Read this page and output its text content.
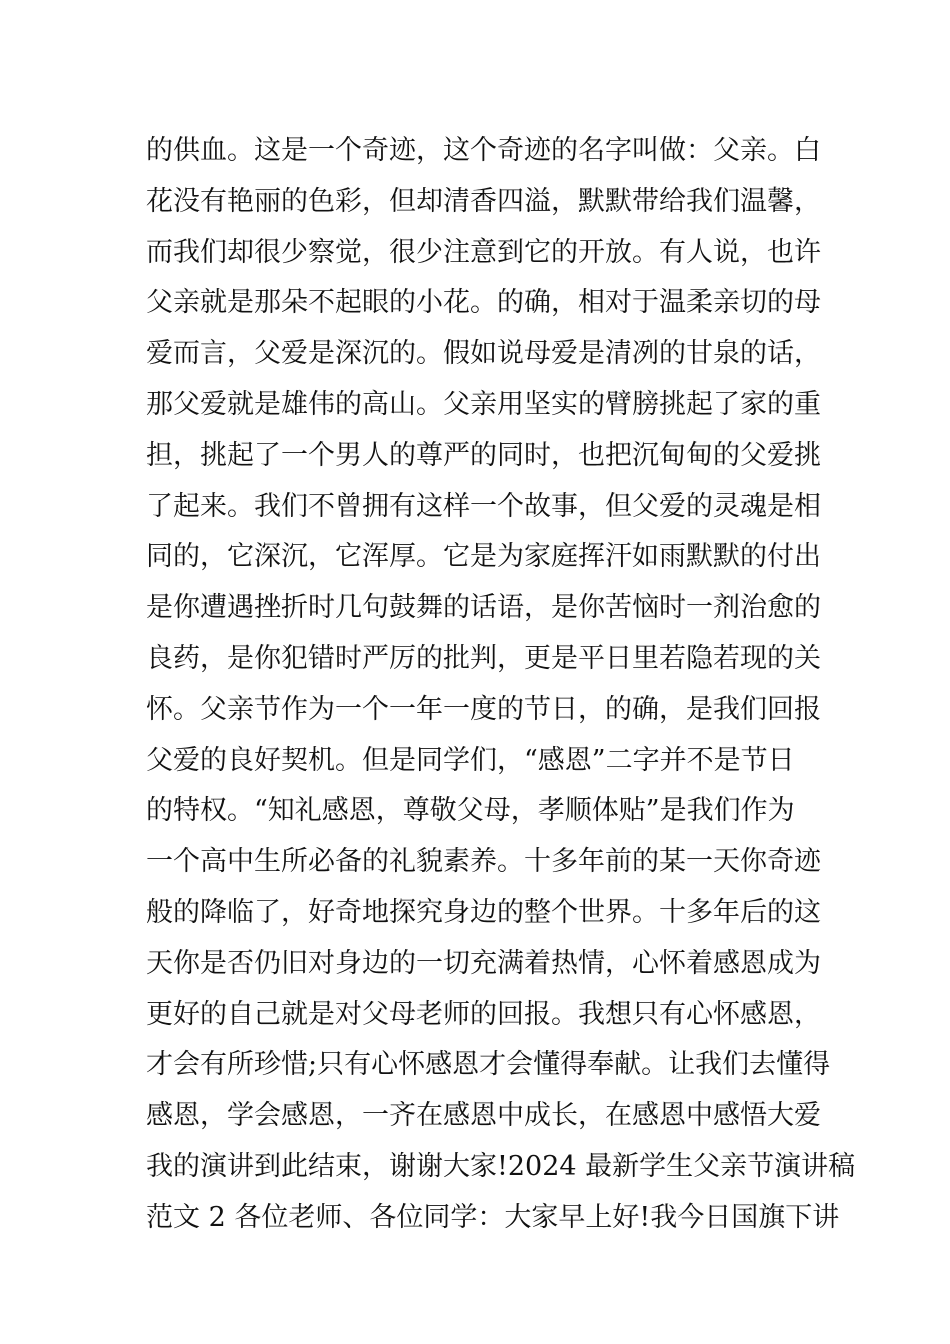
的供血。这是一个奇迹，这个奇迹的名字叫做：父亲。白
花没有艳丽的色彩，但却清香四溢，默默带给我们温馨，
而我们却很少察觉，很少注意到它的开放。有人说，也许
父亲就是那朵不起眼的小花。的确，相对于温柔亲切的母
爱而言，父爱是深沉的。假如说母爱是清冽的甘泉的话，
那父爱就是雄伟的高山。父亲用坚实的臂膀挑起了家的重
担，挑起了一个男人的尊严的同时，也把沉甸甸的父爱挑
了起来。我们不曾拥有这样一个故事，但父爱的灵魂是相
同的，它深沉，它浑厚。它是为家庭挥汗如雨默默的付出
是你遭遇挫折时几句鼓舞的话语，是你苦恼时一剂治愈的
良药，是你犯错时严厉的批判，更是平日里若隐若现的关
怀。父亲节作为一个一年一度的节日，的确，是我们回报
父爱的良好契机。但是同学们，“感恩”二字并不是节日
的特权。“知礼感恩，尊敬父母，孝顺体贴”是我们作为
一个高中生所必备的礼貌素养。十多年前的某一天你奇迹
般的降临了，好奇地探究身边的整个世界。十多年后的这
天你是否仍旧对身边的一切充满着热情，心怀着感恩成为
更好的自己就是对父母老师的回报。我想只有心怀感恩，
才会有所珍惜;只有心怀感恩才会懂得奉献。让我们去懂得
感恩，学会感恩，一齐在感恩中成长，在感恩中感悟大爱
我的演讲到此结束，谢谢大家!2024 最新学生父亲节演讲稿
范文 2 各位老师、各位同学：大家早上好!我今日国旗下讲
